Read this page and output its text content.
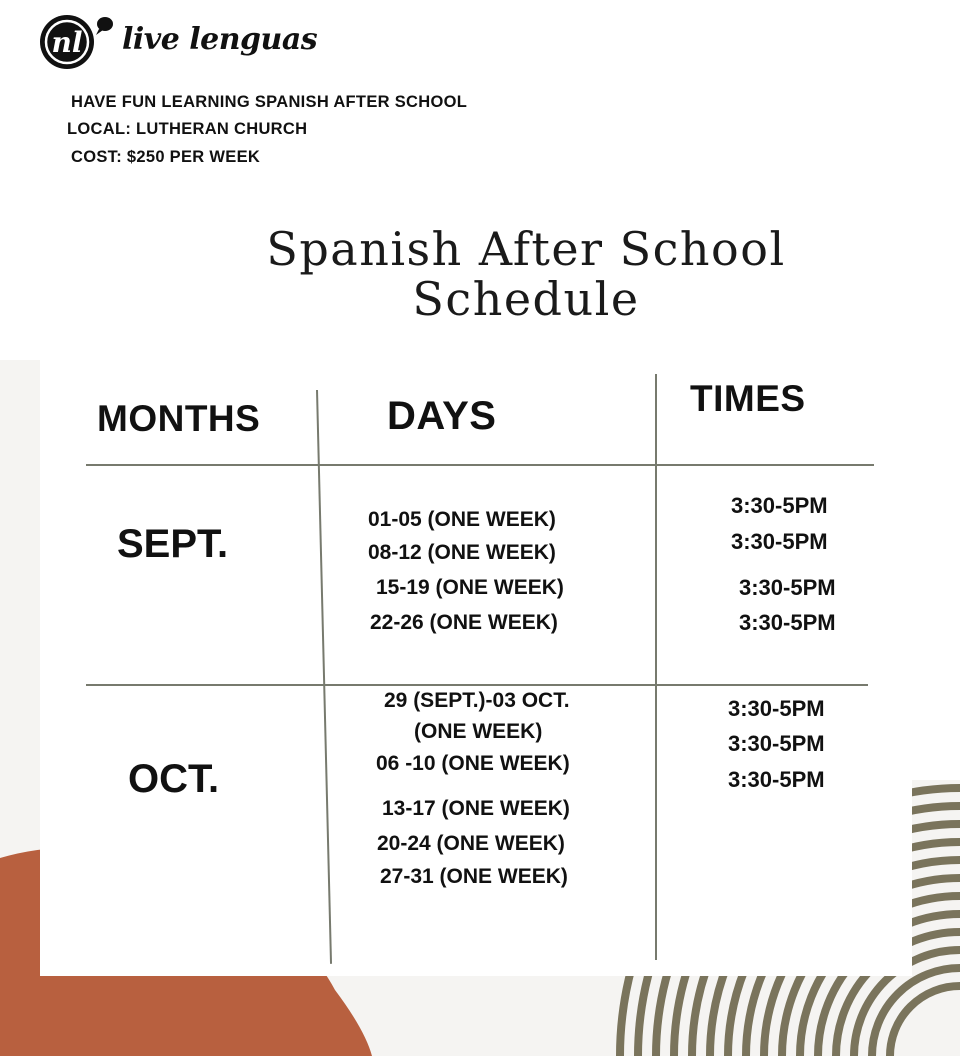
nl live lenguas
HAVE FUN LEARNING SPANISH AFTER SCHOOL
LOCAL: LUTHERAN CHURCH
COST: $250 PER WEEK
Spanish After School
Schedule
MONTHS	DAYS	TIMES
SEPT.
01-05 (ONE WEEK)
08-12 (ONE WEEK)
15-19 (ONE WEEK)
22-26 (ONE WEEK)
3:30-5PM
3:30-5PM
3:30-5PM
3:30-5PM
OCT.
29 (SEPT.)-03 OCT.
(ONE WEEK)
06 -10 (ONE WEEK)
13-17 (ONE WEEK)
20-24 (ONE WEEK)
27-31 (ONE WEEK)
3:30-5PM
3:30-5PM
3:30-5PM
